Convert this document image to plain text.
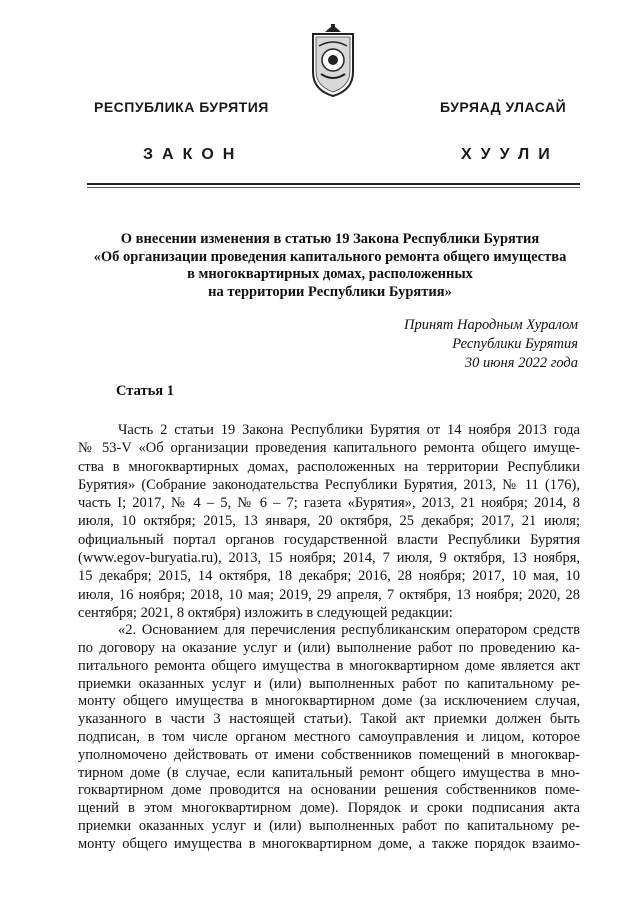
РЕСПУБЛИКА БУРЯТИЯ	БУРЯАД УЛАСАЙ
ЗАКОН	ХУУЛИ
О внесении изменения в статью 19 Закона Республики Бурятия
«Об организации проведения капитального ремонта общего имущества
в многоквартирных домах, расположенных
на территории Республики Бурятия»
Принят Народным Хуралом
Республики Бурятия
30 июня 2022 года
Статья 1
Часть 2 статьи 19 Закона Республики Бурятия от 14 ноября 2013 года
№ 53-V «Об организации проведения капитального ремонта общего имуще-
ства в многоквартирных домах, расположенных на территории Республики
Бурятия» (Собрание законодательства Республики Бурятия, 2013, № 11 (176),
часть I; 2017, № 4 – 5, № 6 – 7; газета «Бурятия», 2013, 21 ноября; 2014, 8
июля, 10 октября; 2015, 13 января, 20 октября, 25 декабря; 2017, 21 июля;
официальный портал органов государственной власти Республики Бурятия
(www.egov-buryatia.ru), 2013, 15 ноября; 2014, 7 июля, 9 октября, 13 ноября,
15 декабря; 2015, 14 октября, 18 декабря; 2016, 28 ноября; 2017, 10 мая, 10
июля, 16 ноября; 2018, 10 мая; 2019, 29 апреля, 7 октября, 13 ноября; 2020, 28
сентября; 2021, 8 октября) изложить в следующей редакции:
«2. Основанием для перечисления республиканским оператором средств
по договору на оказание услуг и (или) выполнение работ по проведению ка-
питального ремонта общего имущества в многоквартирном доме является акт
приемки оказанных услуг и (или) выполненных работ по капитальному ре-
монту общего имущества в многоквартирном доме (за исключением случая,
указанного в части 3 настоящей статьи). Такой акт приемки должен быть
подписан, в том числе органом местного самоуправления и лицом, которое
уполномочено действовать от имени собственников помещений в многоквар-
тирном доме (в случае, если капитальный ремонт общего имущества в мно-
гоквартирном доме проводится на основании решения собственников поме-
щений в этом многоквартирном доме). Порядок и сроки подписания акта
приемки оказанных услуг и (или) выполненных работ по капитальному ре-
монту общего имущества в многоквартирном доме, а также порядок взаимо-
